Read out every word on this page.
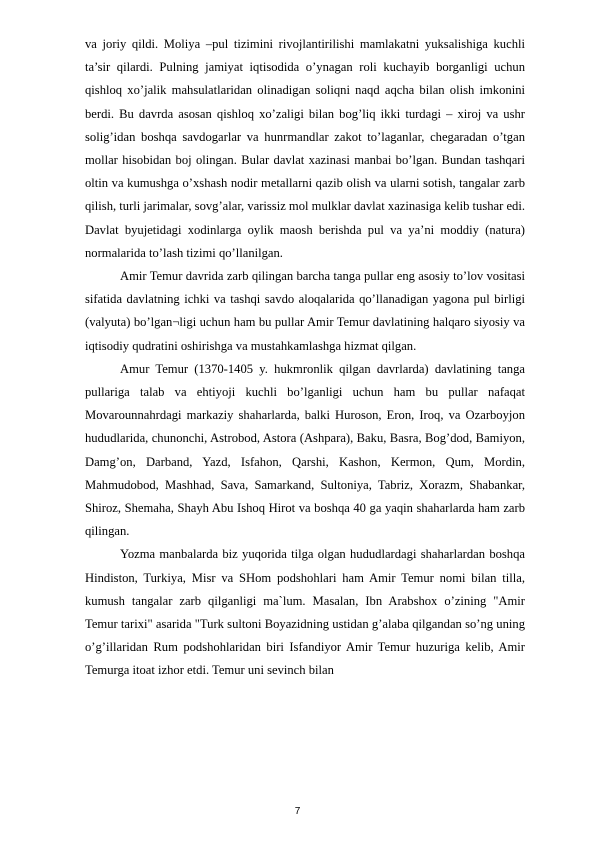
va joriy qildi. Moliya –pul tizimini rivojlantirilishi mamlakatni yuksalishiga kuchli ta’sir qilardi. Pulning jamiyat iqtisodida o’ynagan roli kuchayib borganligi uchun qishloq xo’jalik mahsulatlaridan olinadigan soliqni naqd aqcha bilan olish imkonini berdi. Bu davrda asosan qishloq xo’zaligi bilan bog’liq ikki turdagi – xiroj va ushr solig’idan boshqa savdogarlar va hunrmandlar zakot to’laganlar, chegaradan o’tgan mollar hisobidan boj olingan. Bular davlat xazinasi manbai bo’lgan. Bundan tashqari oltin va kumushga o’xshash nodir metallarni qazib olish va ularni sotish, tangalar zarb qilish, turli jarimalar, sovg’alar, varissiz mol mulklar davlat xazinasiga kelib tushar edi. Davlat byujetidagi xodinlarga oylik maosh berishda pul va ya’ni moddiy (natura) normalarida to’lash tizimi qo’llanilgan.

Amir Temur davrida zarb qilingan barcha tanga pullar eng asosiy to’lov vositasi sifatida davlatning ichki va tashqi savdo aloqalarida qo’llanadigan yagona pul birligi (valyuta) bo’lgan¬ligi uchun ham bu pullar Amir Temur davlatining halqaro siyosiy va iqtisodiy qudratini oshirishga va mustahkamlashga hizmat qilgan.

Amur Temur (1370-1405 y. hukmronlik qilgan davrlarda) davlatining tanga pullariga talab va ehtiyoji kuchli bo’lganligi uchun ham bu pullar nafaqat Movarounnahrdagi markaziy shaharlarda, balki Huroson, Eron, Iroq, va Ozarboyjon hududlarida, chunonchi, Astrobod, Astora (Ashpara), Baku, Basra, Bog’dod, Bamiyon, Damg’on, Darband, Yazd, Isfahon, Qarshi, Kashon, Kermon, Qum, Mordin, Mahmudobod, Mashhad, Sava, Samarkand, Sultoniya, Tabriz, Xorazm, Shabankar, Shiroz, Shemaha, Shayh Abu Ishoq Hirot va boshqa 40 ga yaqin shaharlarda ham zarb qilingan.

Yozma manbalarda biz yuqorida tilga olgan hududlardagi shaharlardan boshqa Hindiston, Turkiya, Misr va SHom podshohlari ham Amir Temur nomi bilan tilla, kumush tangalar zarb qilganligi ma`lum. Masalan, Ibn Arabshox o’zining "Amir Temur tarixi" asarida "Turk sultoni Boyazidning ustidan g’alaba qilgandan so’ng uning o’g’illaridan Rum podshohlaridan biri Isfandiyor Amir Temur huzuriga kelib, Amir Temurga itoat izhor etdi. Temur uni sevinch bilan

7
